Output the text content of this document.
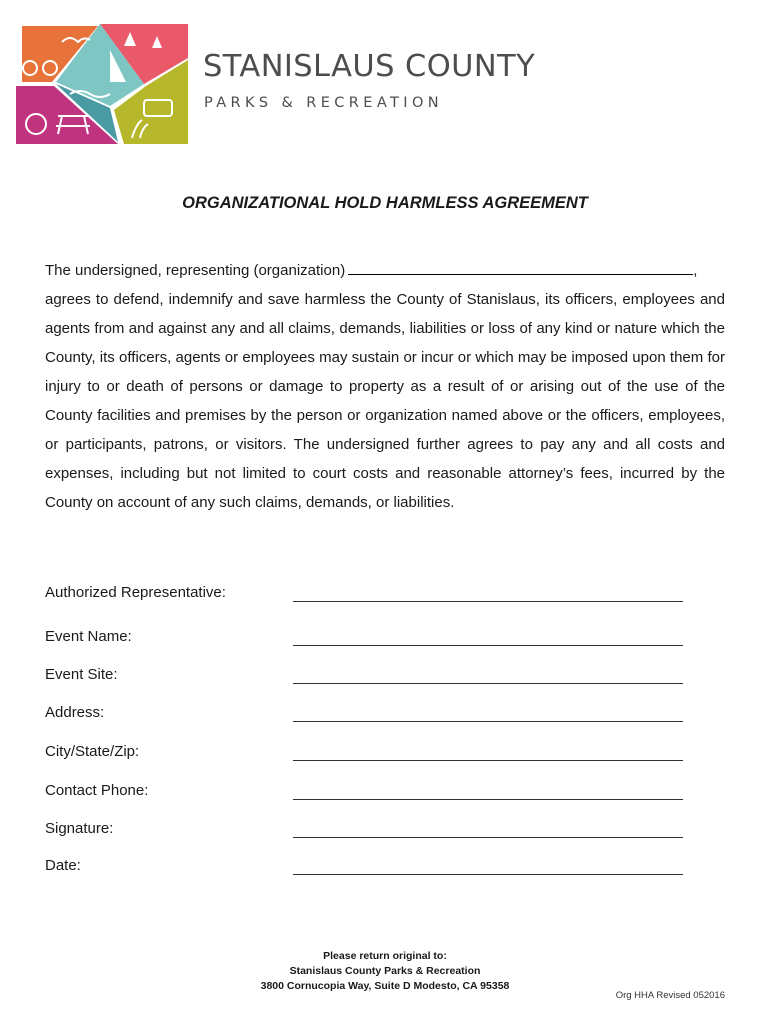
STANISLAUS COUNTY
PARKS & RECREATION
ORGANIZATIONAL HOLD HARMLESS AGREEMENT
The undersigned, representing (organization)	,

agrees to defend, indemnify and save harmless the County of Stanislaus, its officers, employees and agents from and against any and all claims, demands, liabilities or loss of any kind or nature which the County, its officers, agents or employees may sustain or incur or which may be imposed upon them for injury to or death of persons or damage to property as a result of or arising out of the use of the County facilities and premises by the person or organization named above or the officers, employees, or participants, patrons, or visitors. The undersigned further agrees to pay any and all costs and expenses, including but not limited to court costs and reasonable attorney’s fees, incurred by the County on account of any such claims, demands, or liabilities.

Authorized Representative:
Event Name:
Event Site:
Address:
City/State/Zip:
Contact Phone:
Signature:
Date:
Please return original to:
Stanislaus County Parks & Recreation
3800 Cornucopia Way, Suite D Modesto, CA 95358
Org HHA Revised 052016
